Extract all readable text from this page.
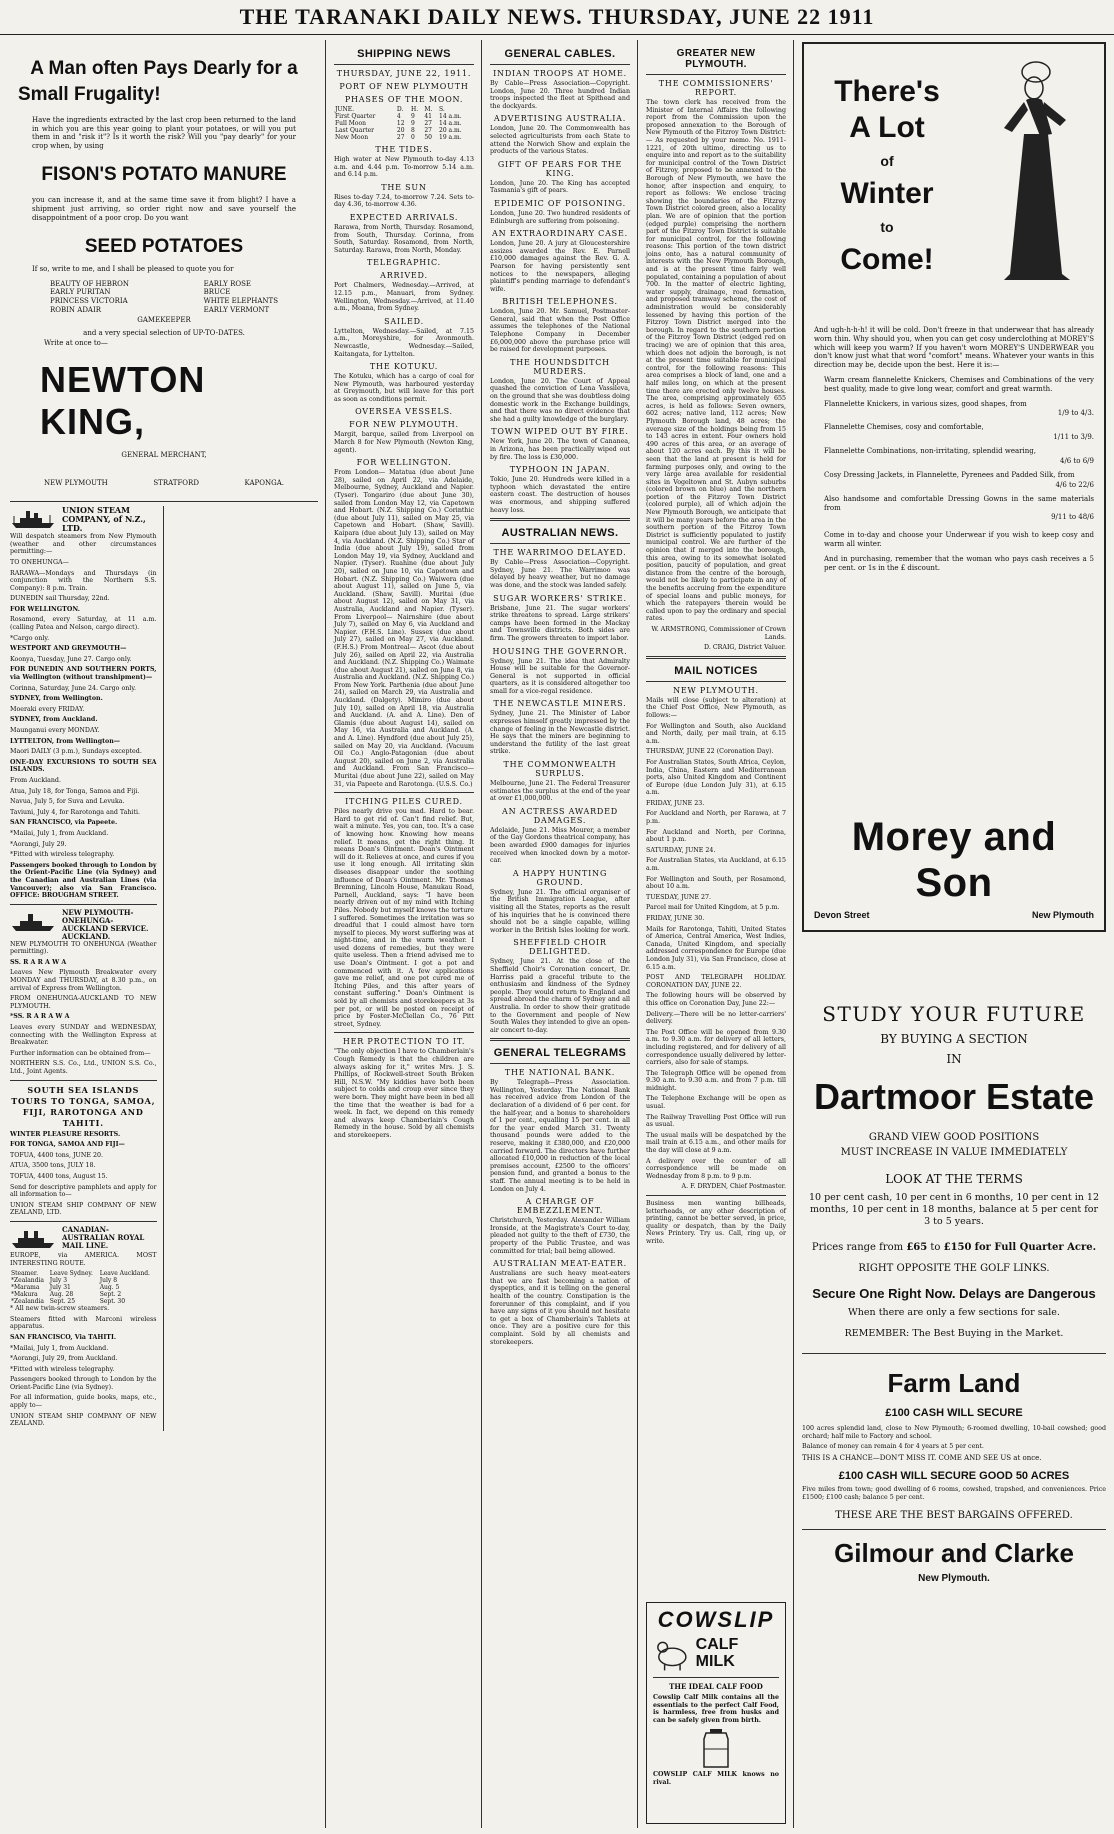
THE TARANAKI DAILY NEWS. THURSDAY, JUNE 22 1911
A Man often Pays Dearly for a
Small Frugality!

Have the ingredients extracted by the last crop been returned to the land in which you are this year going to plant your potatoes, or will you put them in and "risk it"? Is it worth the risk? Will you "pay dearly" for your crop when, by using

FISON'S POTATO MANURE

you can increase it, and at the same time save it from blight? I have a shipment just arriving, so order right now and save yourself the disappointment of a poor crop. Do you want

SEED POTATOES

If so, write to me, and I shall be pleased to quote you for

BEAUTY OF HEBRON
EARLY PURITAN
PRINCESS VICTORIA
ROBIN ADAIR
EARLY ROSE
BRUCE
WHITE ELEPHANTS
EARLY VERMONT
GAMEKEEPER
and a very special selection of UP-TO-DATES.
Write at once to—
NEWTON KING,
GENERAL MERCHANT,
NEW PLYMOUTH	STRATFORD	KAPONGA.
UNION STEAM COMPANY, of N.Z., LTD.

Will despatch steamers from New Plymouth (weather and other circumstances permitting:—

TO ONEHUNGA—

RARAWA—Mondays and Thursdays (in conjunction with the Northern S.S. Company): 8 p.m. Train.

DUNEDIN sail Thursday, 22nd.

FOR WELLINGTON.

Rosamond, every Saturday, at 11 a.m. (calling Patea and Nelson, cargo direct).

*Cargo only.

WESTPORT AND GREYMOUTH—

Koonya, Tuesday, June 27. Cargo only.

FOR DUNEDIN AND SOUTHERN PORTS, via Wellington (without transhipment)—

Corinna, Saturday, June 24. Cargo only.

SYDNEY, from Wellington.

Moeraki every FRIDAY.

SYDNEY, from Auckland.

Maunganui every MONDAY.

LYTTELTON, from Wellington—

Maori DAILY (3 p.m.), Sundays excepted.

ONE-DAY EXCURSIONS TO SOUTH SEA ISLANDS.

From Auckland.

Atua, July 18, for Tonga, Samoa and Fiji.

Navua, July 5, for Suva and Levuka.

Taviuni, July 4, for Rarotonga and Tahiti.

SAN FRANCISCO, via Papeete.

*Mailai, July 1, from Auckland.

*Aorangi, July 29.

*Fitted with wireless telegraphy.

Passengers booked through to London by the Orient-Pacific Line (via Sydney) and the Canadian and Australian Lines (via Vancouver); also via San Francisco. OFFICE: BROUGHAM STREET.

NEW PLYMOUTH-ONEHUNGA-AUCKLAND SERVICE. AUCKLAND.

NEW PLYMOUTH TO ONEHUNGA (Weather permitting).

SS. R A R A W A

Leaves New Plymouth Breakwater every MONDAY and THURSDAY, at 8.30 p.m., on arrival of Express from Wellington.

FROM ONEHUNGA-AUCKLAND TO NEW PLYMOUTH.

*SS. R A R A W A

Leaves every SUNDAY and WEDNESDAY, connecting with the Wellington Express at Breakwater.

Further information can be obtained from—

NORTHERN S.S. Co., Ltd., UNION S.S. Co., Ltd., Joint Agents.

SOUTH SEA ISLANDS TOURS TO TONGA, SAMOA, FIJI, RAROTONGA AND TAHITI.

WINTER PLEASURE RESORTS.

FOR TONGA, SAMOA AND FIJI—

TOFUA, 4400 tons, JUNE 20.

ATUA, 3500 tons, JULY 18.

TOFUA, 4400 tons, August 15.

Send for descriptive pamphlets and apply for all information to—

UNION STEAM SHIP COMPANY OF NEW ZEALAND, LTD.

CANADIAN-AUSTRALIAN ROYAL MAIL LINE.

EUROPE, via AMERICA. MOST INTERESTING ROUTE.

Steamer.	Leave Sydney.	Leave Auckland.
*Zealandia	July 3	July 8
*Marama	July 31	Aug. 5
*Makura	Aug. 28	Sept. 2
*Zealandia	Sept. 25	Sept. 30

* All new twin-screw steamers.

Steamers fitted with Marconi wireless apparatus.

SAN FRANCISCO, Via TAHITI.

*Mailai, July 1, from Auckland.

*Aorangi, July 29, from Auckland.

*Fitted with wireless telegraphy.

Passengers booked through to London by the Orient-Pacific Line (via Sydney).

For all information, guide books, maps, etc., apply to—

UNION STEAM SHIP COMPANY OF NEW ZEALAND.

SHIPPING NEWS
THURSDAY, JUNE 22, 1911.
PORT OF NEW PLYMOUTH
PHASES OF THE MOON.
JUNE.	D.	H.	M.	S.
First Quarter	4	9	41	14 a.m.
Full Moon	12	9	27	14 a.m.
Last Quarter	20	8	27	20 a.m.
New Moon	27	0	50	19 a.m.
THE TIDES.

High water at New Plymouth to-day 4.13 a.m. and 4.44 p.m. To-morrow 5.14 a.m. and 6.14 p.m.

THE SUN

Rises to-day 7.24, to-morrow 7.24. Sets to-day 4.36, to-morrow 4.36.

EXPECTED ARRIVALS.

Rarawa, from North, Thursday. Rosamond, from South, Thursday. Corinna, from South, Saturday. Rosamond, from North, Saturday. Rarawa, from North, Monday.

TELEGRAPHIC.
ARRIVED.

Port Chalmers, Wednesday.—Arrived, at 12.15 p.m., Manuari, from Sydney. Wellington, Wednesday.—Arrived, at 11.40 a.m., Moana, from Sydney.

SAILED.

Lyttelton, Wednesday.—Sailed, at 7.15 a.m., Moreyshire, for Avonmouth. Newcastle, Wednesday.—Sailed, Kaitangata, for Lyttelton.

THE KOTUKU.

The Kotuku, which has a cargo of coal for New Plymouth, was harboured yesterday at Greymouth, but will leave for this port as soon as conditions permit.

OVERSEA VESSELS.
FOR NEW PLYMOUTH.

Margit, barque, sailed from Liverpool on March 8 for New Plymouth (Newton King, agent).

FOR WELLINGTON.

From London— Matatua (due about June 28), sailed on April 22, via Adelaide, Melbourne, Sydney, Auckland and Napier. (Tyser). Tongariro (due about June 30), sailed from London May 12, via Capetown and Hobart. (N.Z. Shipping Co.) Corinthic (due about July 11), sailed on May 25, via Capetown and Hobart. (Shaw, Savill). Kaipara (due about July 13), sailed on May 4, via Auckland. (N.Z. Shipping Co.) Star of India (due about July 19), sailed from London May 19, via Sydney, Auckland and Napier. (Tyser). Ruahine (due about July 20), sailed on June 10, via Capetown and Hobart. (N.Z. Shipping Co.) Waiwera (due about August 11), sailed on June 5, via Auckland. (Shaw, Savill). Muritai (due about August 12), sailed on May 31, via Australia, Auckland and Napier. (Tyser). From Liverpool— Nairnshire (due about July 7), sailed on May 6, via Auckland and Napier. (F.H.S. Line). Sussex (due about July 27), sailed on May 27, via Auckland. (F.H.S.) From Montreal— Ascot (due about July 26), sailed on April 22, via Australia and Auckland. (N.Z. Shipping Co.) Waimate (due about August 21), sailed on June 8, via Australia and Auckland. (N.Z. Shipping Co.) From New York. Parthenia (due about June 24), sailed on March 29, via Australia and Auckland. (Dalgety). Mimiro (due about July 10), sailed on April 18, via Australia and Auckland. (A. and A. Line). Den of Glamis (due about August 14), sailed on May 16, via Australia and Auckland. (A. and A. Line). Hyndford (due about July 25), sailed on May 20, via Auckland. (Vacuum Oil Co.) Anglo-Patagonian (due about August 20), sailed on June 2, via Australia and Auckland. From San Francisco— Muritai (due about June 22), sailed on May 31, via Papeete and Rarotonga. (U.S.S. Co.)

ITCHING PILES CURED.

Piles nearly drive you mad. Hard to bear. Hard to get rid of. Can't find relief. But, wait a minute. Yes, you can, too. It's a case of knowing how. Knowing how means relief. It means, get the right thing. It means Doan's Ointment. Doan's Ointment will do it. Relieves at once, and cures if you use it long enough. All irritating skin diseases disappear under the soothing influence of Doan's Ointment. Mr. Thomas Bremning, Lincoln House, Manukau Road, Parnell, Auckland, says: "I have been nearly driven out of my mind with Itching Piles. Nobody but myself knows the torture I suffered. Sometimes the irritation was so dreadful that I could almost have torn myself to pieces. My worst suffering was at night-time, and in the warm weather. I used dozens of remedies, but they were quite useless. Then a friend advised me to use Doan's Ointment. I got a pot and commenced with it. A few applications gave me relief, and one pot cured me of Itching Piles, and this after years of constant suffering." Doan's Ointment is sold by all chemists and storekeepers at 3s per pot, or will be posted on receipt of price by Foster-McClellan Co., 76 Pitt street, Sydney.

HER PROTECTION TO IT.

"The only objection I have to Chamberlain's Cough Remedy is that the children are always asking for it," writes Mrs. J. S. Phillips, of Rockwell-street South Broken Hill, N.S.W. "My kiddies have both been subject to colds and croup ever since they were born. They might have been in bed all the time that the weather is bad for a week. In fact, we depend on this remedy and always keep Chamberlain's Cough Remedy in the house. Sold by all chemists and storekeepers.

GENERAL CABLES.
INDIAN TROOPS AT HOME.

By Cable—Press Association—Copyright. London, June 20. Three hundred Indian troops inspected the fleet at Spithead and the dockyards.

ADVERTISING AUSTRALIA.

London, June 20. The Commonwealth has selected agriculturists from each State to attend the Norwich Show and explain the products of the various States.

GIFT OF PEARS FOR THE KING.

London, June 20. The King has accepted Tasmania's gift of pears.

EPIDEMIC OF POISONING.

London, June 20. Two hundred residents of Edinburgh are suffering from poisoning.

AN EXTRAORDINARY CASE.

London, June 20. A jury at Gloucestershire assizes awarded the Rev. E. Parnell £10,000 damages against the Rev. G. A. Pearson for having persistently sent notices to the newspapers, alleging plaintiff's pending marriage to defendant's wife.

BRITISH TELEPHONES.

London, June 20. Mr. Samuel, Postmaster-General, said that when the Post Office assumes the telephones of the National Telephone Company in December £6,000,000 above the purchase price will be raised for development purposes.

THE HOUNDSDITCH MURDERS.

London, June 20. The Court of Appeal quashed the conviction of Lena Vassileva, on the ground that she was doubtless doing domestic work in the Exchange buildings, and that there was no direct evidence that she had a guilty knowledge of the burglary.

TOWN WIPED OUT BY FIRE.

New York, June 20. The town of Cananea, in Arizona, has been practically wiped out by fire. The loss is £30,000.

TYPHOON IN JAPAN.

Tokio, June 20. Hundreds were killed in a typhoon which devastated the entire eastern coast. The destruction of houses was enormous, and shipping suffered heavy loss.

AUSTRALIAN NEWS.
THE WARRIMOO DELAYED.

By Cable—Press Association—Copyright. Sydney, June 21. The Warrimoo was delayed by heavy weather, but no damage was done, and the stock was landed safely.

SUGAR WORKERS' STRIKE.

Brisbane, June 21. The sugar workers' strike threatens to spread. Large strikers' camps have been formed in the Mackay and Townsville districts. Both sides are firm. The growers threaten to import labor.

HOUSING THE GOVERNOR.

Sydney, June 21. The idea that Admiralty House will be suitable for the Governor-General is not supported in official quarters, as it is considered altogether too small for a vice-regal residence.

THE NEWCASTLE MINERS.

Sydney, June 21. The Minister of Labor expresses himself greatly impressed by the change of feeling in the Newcastle district. He says that the miners are beginning to understand the futility of the last great strike.

THE COMMONWEALTH SURPLUS.

Melbourne, June 21. The Federal Treasurer estimates the surplus at the end of the year at over £1,000,000.

AN ACTRESS AWARDED DAMAGES.

Adelaide, June 21. Miss Mourer, a member of the Gay Gordons theatrical company, has been awarded £900 damages for injuries received when knocked down by a motor-car.

A HAPPY HUNTING GROUND.

Sydney, June 21. The official organiser of the British Immigration League, after visiting all the States, reports as the result of his inquiries that he is convinced there should not be a single capable, willing worker in the British Isles looking for work.

SHEFFIELD CHOIR DELIGHTED.

Sydney, June 21. At the close of the Sheffield Choir's Coronation concert, Dr. Harriss paid a graceful tribute to the enthusiasm and kindness of the Sydney people. They would return to England and spread abroad the charm of Sydney and all Australia. In order to show their gratitude to the Government and people of New South Wales they intended to give an open-air concert to-day.

GENERAL TELEGRAMS
THE NATIONAL BANK.

By Telegraph—Press Association. Wellington, Yesterday. The National Bank has received advice from London of the declaration of a dividend of 6 per cent. for the half-year, and a bonus to shareholders of 1 per cent., equalling 15 per cent. in all for the year ended March 31. Twenty thousand pounds were added to the reserve, making it £380,000, and £20,000 carried forward. The directors have further allocated £10,000 in reduction of the local premises account, £2500 to the officers' pension fund, and granted a bonus to the staff. The annual meeting is to be held in London on July 4.

A CHARGE OF EMBEZZLEMENT.

Christchurch, Yesterday. Alexander William Ironside, at the Magistrate's Court to-day, pleaded not guilty to the theft of £730, the property of the Public Trustee, and was committed for trial; bail being allowed.

AUSTRALIAN MEAT-EATER.

Australians are such heavy meat-eaters that we are fast becoming a nation of dyspeptics, and it is telling on the general health of the country. Constipation is the forerunner of this complaint, and if you have any signs of it you should not hesitate to get a box of Chamberlain's Tablets at once. They are a positive cure for this complaint. Sold by all chemists and storekeepers.

GREATER NEW PLYMOUTH.
THE COMMISSIONERS' REPORT.

The town clerk has received from the Minister of Internal Affairs the following report from the Commission upon the proposed annexation to the Borough of New Plymouth of the Fitzroy Town District:— As requested by your memo. No. 1911-1221, of 20th ultimo, directing us to enquire into and report as to the suitability for municipal control of the Town District of Fitzroy, proposed to be annexed to the Borough of New Plymouth, we have the honor, after inspection and enquiry, to report as follows: We enclose tracing showing the boundaries of the Fitzroy Town District colored green, also a locality plan. We are of opinion that the portion (edged purple) comprising the northern part of the Fitzroy Town District is suitable for municipal control, for the following reasons: This portion of the town district joins onto, has a natural community of interests with the New Plymouth Borough, and is at the present time fairly well populated, containing a population of about 700. In the matter of electric lighting, water supply, drainage, road formation, and proposed tramway scheme, the cost of administration would be considerably lessened by having this portion of the Fitzroy Town District merged into the borough. In regard to the southern portion of the Fitzroy Town District (edged red on tracing) we are of opinion that this area, which does not adjoin the borough, is not at the present time suitable for municipal control, for the following reasons: This area comprises a block of land, one and a half miles long, on which at the present time there are erected only twelve houses. The area, comprising approximately 655 acres, is held as follows: Seven owners, 602 acres; native land, 112 acres; New Plymouth Borough land, 48 acres; the average size of the holdings being from 15 to 143 acres in extent. Four owners hold 490 acres of this area, or an average of about 120 acres each. By this it will be seen that the land at present is held for farming purposes only, and owing to the very large area available for residential sites in Vogeltown and St. Aubyn suburbs (colored brown on blue) and the northern portion of the Fitzroy Town District (colored purple), all of which adjoin the New Plymouth Borough, we anticipate that it will be many years before the area in the southern portion of the Fitzroy Town District is sufficiently populated to justify municipal control. We are further of the opinion that if merged into the borough, this area, owing to its somewhat isolated position, paucity of population, and great distance from the centre of the borough, would not be likely to participate in any of the benefits accruing from the expenditure of special loans and public moneys, for which the ratepayers therein would be called upon to pay the ordinary and special rates.

W. ARMSTRONG, Commissioner of Crown Lands.

D. CRAIG, District Valuer.

MAIL NOTICES
NEW PLYMOUTH.

Mails will close (subject to alteration) at the Chief Post Office, New Plymouth, as follows:—

For Wellington and South, also Auckland and North, daily, per mail train, at 6.15 a.m.

THURSDAY, JUNE 22 (Coronation Day).

For Australian States, South Africa, Ceylon, India, China, Eastern and Mediterranean ports, also United Kingdom and Continent of Europe (due London July 31), at 6.15 a.m.

FRIDAY, JUNE 23.

For Auckland and North, per Rarawa, at 7 p.m.

For Auckland and North, per Corinna, about 1 p.m.

SATURDAY, JUNE 24.

For Australian States, via Auckland, at 6.15 a.m.

For Wellington and South, per Rosamond, about 10 a.m.

TUESDAY, JUNE 27.

Parcel mail for United Kingdom, at 5 p.m.

FRIDAY, JUNE 30.

Mails for Rarotonga, Tahiti, United States of America, Central America, West Indies, Canada, United Kingdom, and specially addressed correspondence for Europe (due London July 31), via San Francisco, close at 6.15 a.m.

POST AND TELEGRAPH HOLIDAY. CORONATION DAY, JUNE 22.

The following hours will be observed by this office on Coronation Day, June 22:—

Delivery.—There will be no letter-carriers' delivery.

The Post Office will be opened from 9.30 a.m. to 9.30 a.m. for delivery of all letters, including registered, and for delivery of all correspondence usually delivered by letter-carriers, also for sale of stamps.

The Telegraph Office will be opened from 9.30 a.m. to 9.30 a.m. and from 7 p.m. till midnight.

The Telephone Exchange will be open as usual.

The Railway Travelling Post Office will run as usual.

The usual mails will be despatched by the mail train at 6.15 a.m., and other mails for the day will close at 9 a.m.

A delivery over the counter of all correspondence will be made on Wednesday from 8 p.m. to 9 p.m.

A. F. DRYDEN, Chief Postmaster.

Business men wanting billheads, letterheads, or any other description of printing, cannot be better served, in price, quality or despatch, than by the Daily News Printery. Try us. Call, ring up, or write.

COWSLIP
CALF MILK
THE IDEAL CALF FOOD

Cowslip Calf Milk contains all the essentials to the perfect Calf Food, is harmless, free from husks and can be safely given from birth.

COWSLIP CALF MILK knows no rival.

There's
A Lot
of
Winter
to
Come!

And ugh-h-h-h! it will be cold. Don't freeze in that underwear that has already worn thin. Why should you, when you can get cosy underclothing at MOREY'S which will keep you warm? If you haven't worn MOREY'S UNDERWEAR you don't know just what that word "comfort" means. Whatever your wants in this direction may be, decide upon the best. Here it is:—

Warm cream flannelette Knickers, Chemises and Combinations of the very best quality, made to give long wear, comfort and great warmth.

Flannelette Knickers, in various sizes, good shapes, from

1/9 to 4/3.

Flannelette Chemises, cosy and comfortable,

1/11 to 3/9.

Flannelette Combinations, non-irritating, splendid wearing,

4/6 to 6/9

Cosy Dressing Jackets, in Flannelette, Pyrenees and Padded Silk, from

4/6 to 22/6

Also handsome and comfortable Dressing Gowns in the same materials from

9/11 to 48/6

Come in to-day and choose your Underwear if you wish to keep cosy and warm all winter.

And in purchasing, remember that the woman who pays cash receives a 5 per cent. or 1s in the £ discount.

Morey and Son
Devon Street	New Plymouth
STUDY YOUR FUTURE
BY BUYING A SECTION
IN
Dartmoor Estate
GRAND VIEW GOOD POSITIONS
MUST INCREASE IN VALUE IMMEDIATELY
LOOK AT THE TERMS
10 per cent cash, 10 per cent in 6 months, 10 per cent in 12 months, 10 per cent in 18 months, balance at 5 per cent for 3 to 5 years.
Prices range from £65 to £150 for Full Quarter Acre.
RIGHT OPPOSITE THE GOLF LINKS.
Secure One Right Now. Delays are Dangerous
When there are only a few sections for sale.
REMEMBER: The Best Buying in the Market.
Farm Land
£100 CASH WILL SECURE

100 acres splendid land, close to New Plymouth; 6-roomed dwelling, 10-bail cowshed; good orchard; half mile to Factory and school.

Balance of money can remain 4 for 4 years at 5 per cent.

THIS IS A CHANCE—DON'T MISS IT. COME AND SEE US at once.

£100 CASH WILL SECURE GOOD 50 ACRES

Five miles from town; good dwelling of 6 rooms, cowshed, trapshed, and conveniences. Price £1500; £100 cash; balance 5 per cent.

THESE ARE THE BEST BARGAINS OFFERED.
Gilmour and Clarke
New Plymouth.
